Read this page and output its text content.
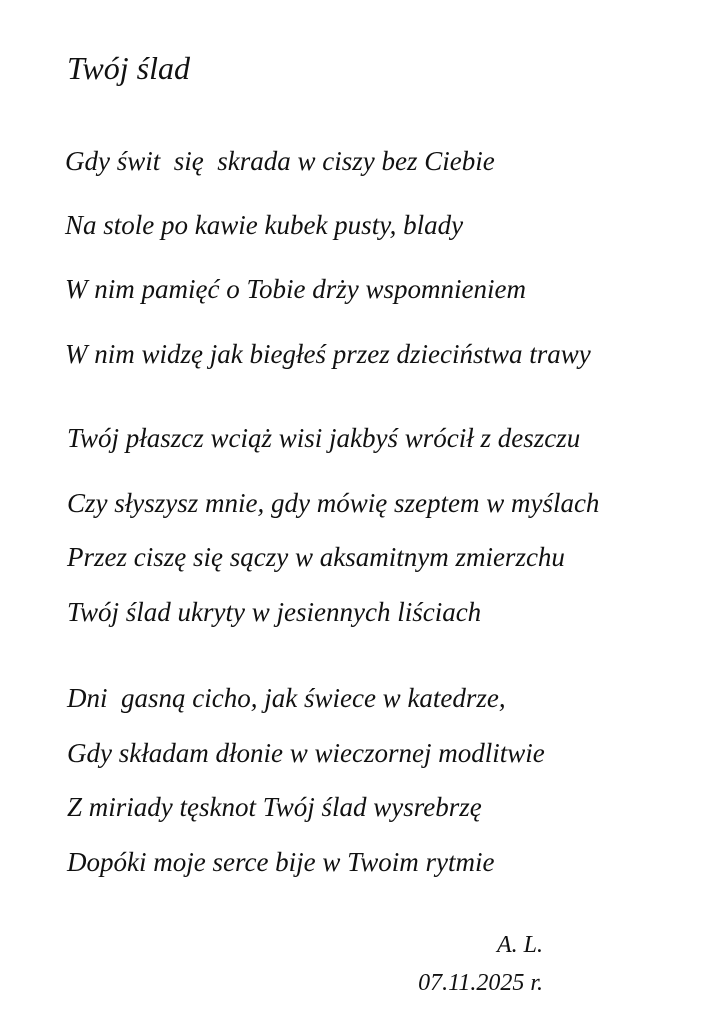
Twój ślad
Gdy świt  się  skrada w ciszy bez Ciebie
Na stole po kawie kubek pusty, blady
W nim pamięć o Tobie drży wspomnieniem
W nim widzę jak biegłeś przez dzieciństwa trawy
Twój płaszcz wciąż wisi jakbyś wrócił z deszczu
Czy słyszysz mnie, gdy mówię szeptem w myślach
Przez ciszę się sączy w aksamitnym zmierzchu
Twój ślad ukryty w jesiennych liściach
Dni  gasną cicho, jak świece w katedrze,
Gdy składam dłonie w wieczornej modlitwie
Z miriady tęsknot Twój ślad wysrebrzę
Dopóki moje serce bije w Twoim rytmie
A. L.
07.11.2025 r.
